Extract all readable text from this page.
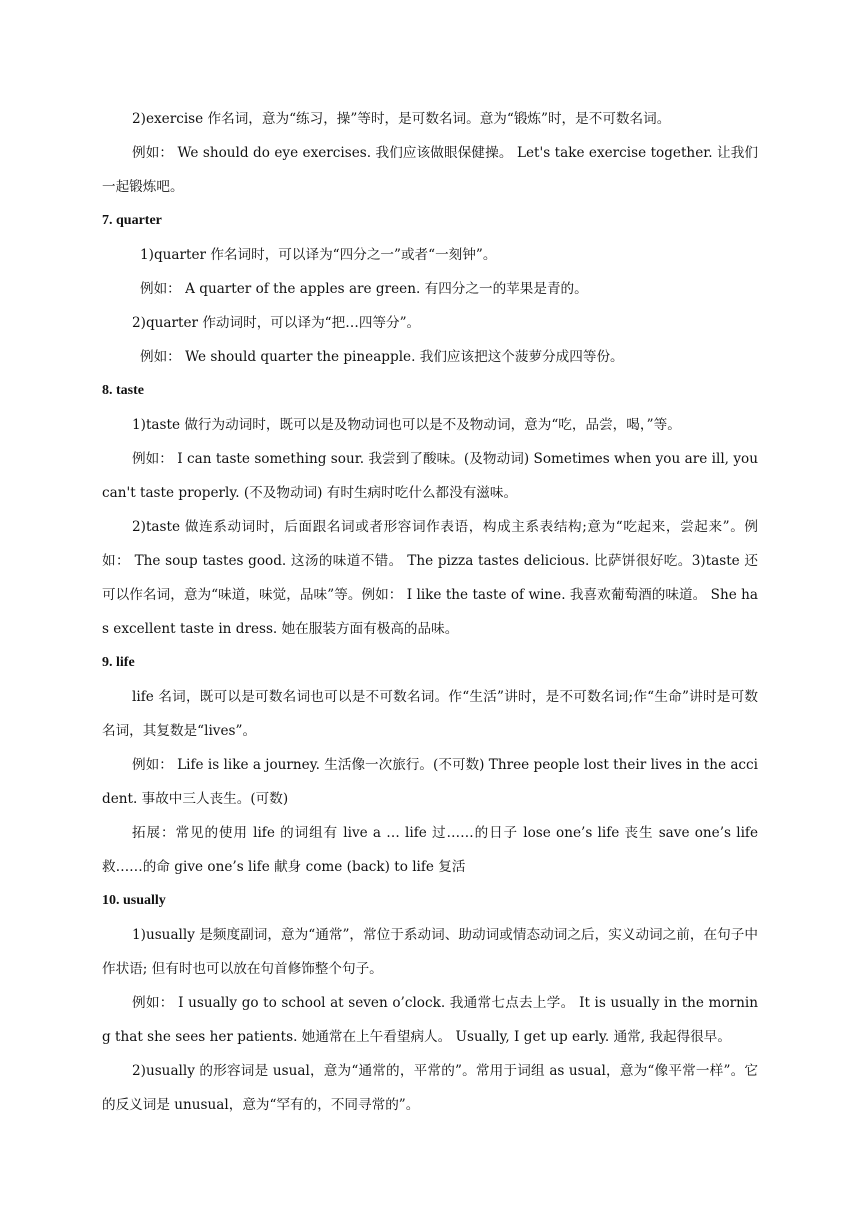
2)exercise 作名词，意为“练习，操”等时，是可数名词。意为“锻炼”时，是不可数名词。

例如： We should do eye exercises. 我们应该做眼保健操。 Let's take exercise together. 让我们一起锻炼吧。

7. quarter

1)quarter 作名词时，可以译为“四分之一”或者“一刻钟”。

例如： A quarter of the apples are green. 有四分之一的苹果是青的。

2)quarter 作动词时，可以译为“把…四等分”。

例如： We should quarter the pineapple. 我们应该把这个菠萝分成四等份。

8. taste

1)taste 做行为动词时，既可以是及物动词也可以是不及物动词，意为“吃，品尝，喝，”等。

例如： I can taste something sour. 我尝到了酸味。(及物动词) Sometimes when you are ill, you can't taste properly. (不及物动词) 有时生病时吃什么都没有滋味。

2)taste 做连系动词时，后面跟名词或者形容词作表语，构成主系表结构;意为“吃起来，尝起来”。例如： The soup tastes good. 这汤的味道不错。 The pizza tastes delicious. 比萨饼很好吃。3)taste 还可以作名词，意为“味道，味觉，品味”等。例如： I like the taste of wine. 我喜欢葡萄酒的味道。 She has excellent taste in dress. 她在服装方面有极高的品味。

9. life

life 名词，既可以是可数名词也可以是不可数名词。作“生活”讲时，是不可数名词;作“生命”讲时是可数名词，其复数是“lives”。

例如： Life is like a journey. 生活像一次旅行。(不可数) Three people lost their lives in the accident. 事故中三人丧生。(可数)

拓展：常见的使用 life 的词组有 live a … life 过……的日子 lose one’s life 丧生 save one’s life 救……的命 give one’s life 献身 come (back) to life 复活

10. usually

1)usually 是频度副词，意为“通常”，常位于系动词、助动词或情态动词之后，实义动词之前，在句子中作状语; 但有时也可以放在句首修饰整个句子。

例如： I usually go to school at seven o’clock. 我通常七点去上学。 It is usually in the morning that she sees her patients. 她通常在上午看望病人。 Usually, I get up early. 通常, 我起得很早。

2)usually 的形容词是 usual，意为“通常的，平常的”。常用于词组 as usual，意为“像平常一样”。它的反义词是 unusual，意为“罕有的，不同寻常的”。
